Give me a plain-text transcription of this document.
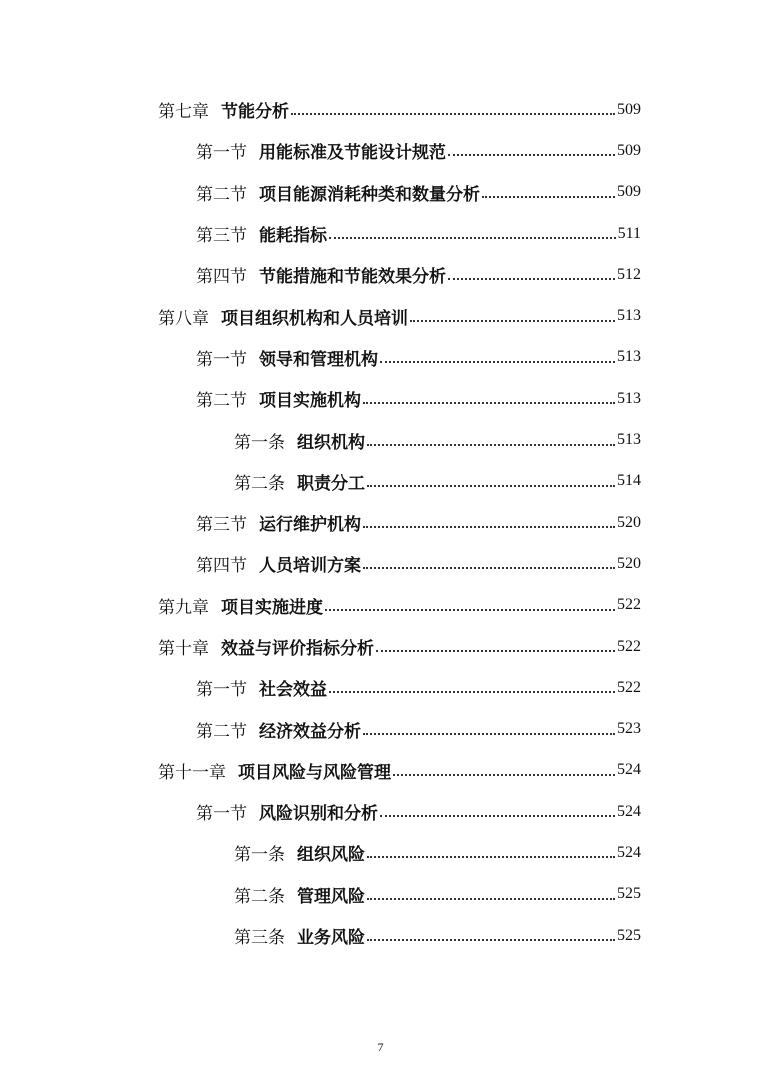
第七章 节能分析	509
第一节 用能标准及节能设计规范	509
第二节 项目能源消耗种类和数量分析	509
第三节 能耗指标	511
第四节 节能措施和节能效果分析	512
第八章 项目组织机构和人员培训	513
第一节 领导和管理机构	513
第二节 项目实施机构	513
第一条 组织机构	513
第二条 职责分工	514
第三节 运行维护机构	520
第四节 人员培训方案	520
第九章 项目实施进度	522
第十章 效益与评价指标分析	522
第一节 社会效益	522
第二节 经济效益分析	523
第十一章 项目风险与风险管理	524
第一节 风险识别和分析	524
第一条 组织风险	524
第二条 管理风险	525
第三条 业务风险	525
7
